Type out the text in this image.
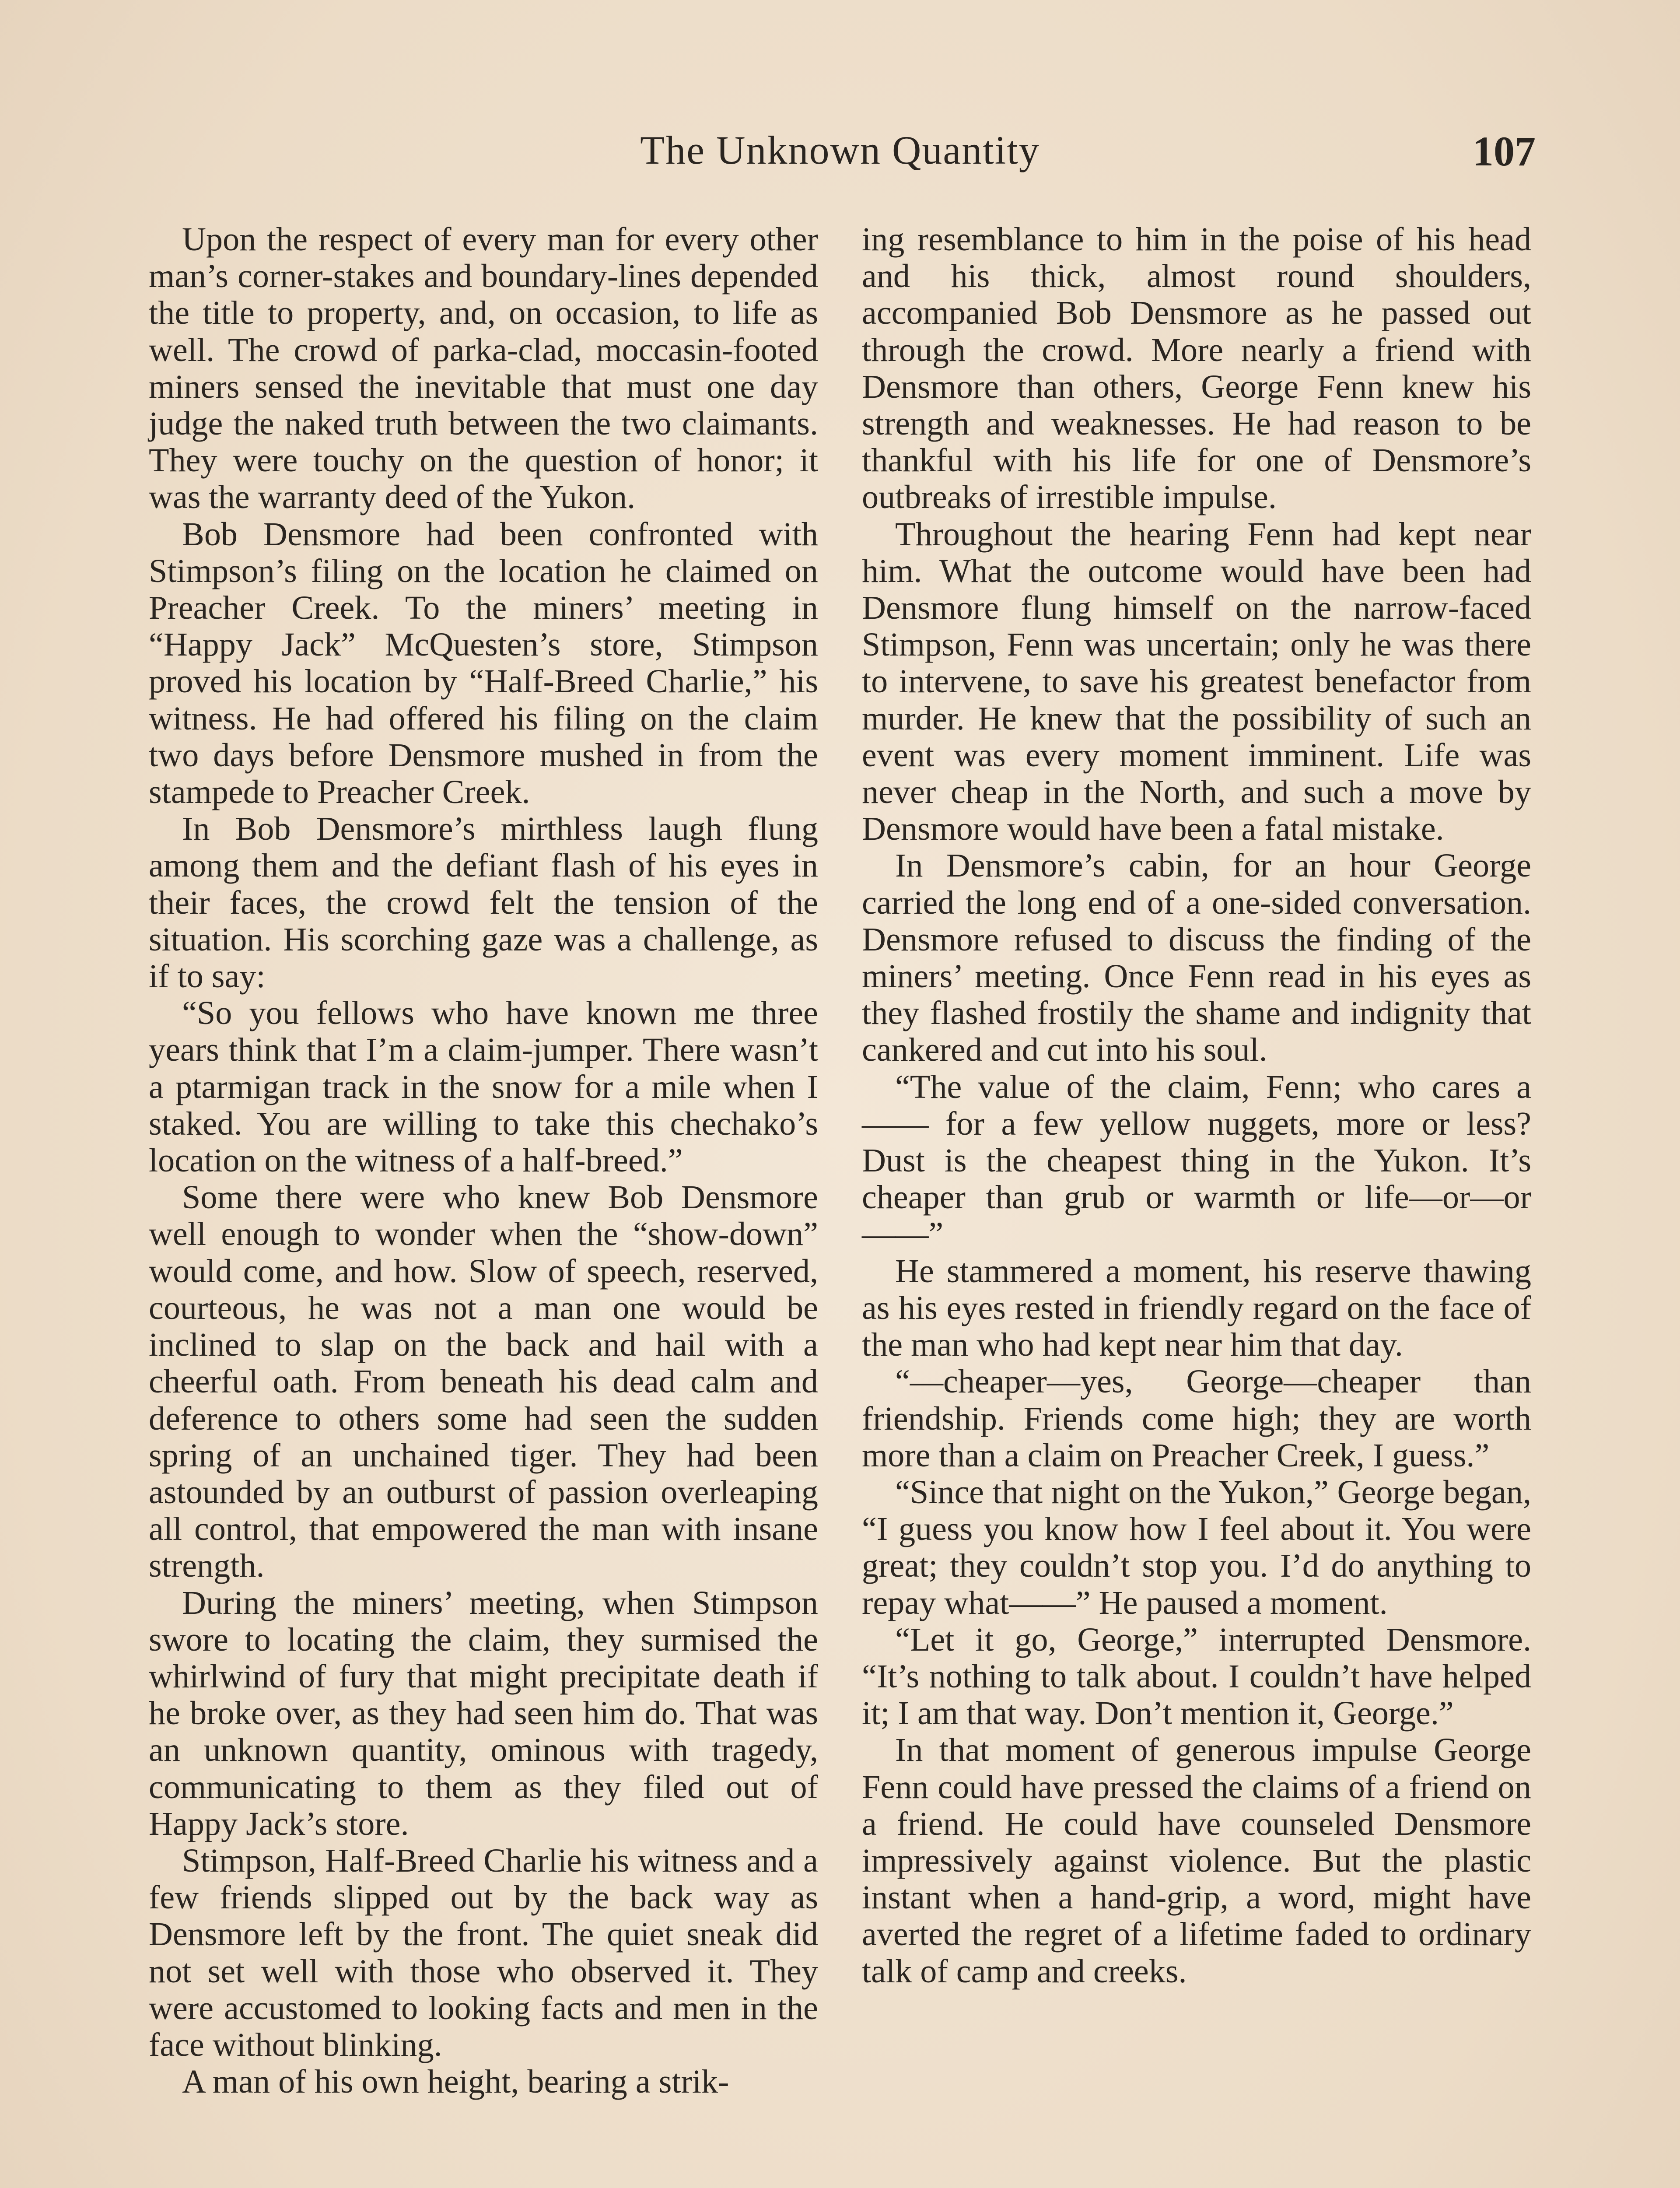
The Unknown Quantity	107

Upon the respect of every man for every other man’s corner-stakes and boundary-lines depended the title to property, and, on occasion, to life as well. The crowd of parka-clad, moccasin-footed miners sensed the inevitable that must one day judge the naked truth between the two claimants. They were touchy on the question of honor; it was the warranty deed of the Yukon.

Bob Densmore had been confronted with Stimpson’s filing on the location he claimed on Preacher Creek. To the miners’ meeting in “Happy Jack” McQuesten’s store, Stimpson proved his location by “Half-Breed Charlie,” his witness. He had offered his filing on the claim two days before Densmore mushed in from the stampede to Preacher Creek.

In Bob Densmore’s mirthless laugh flung among them and the defiant flash of his eyes in their faces, the crowd felt the tension of the situation. His scorching gaze was a challenge, as if to say:

“So you fellows who have known me three years think that I’m a claim-jumper. There wasn’t a ptarmigan track in the snow for a mile when I staked. You are willing to take this chechako’s location on the witness of a half-breed.”

Some there were who knew Bob Densmore well enough to wonder when the “show-down” would come, and how. Slow of speech, reserved, courteous, he was not a man one would be inclined to slap on the back and hail with a cheerful oath. From beneath his dead calm and deference to others some had seen the sudden spring of an unchained tiger. They had been astounded by an outburst of passion overleaping all control, that empowered the man with insane strength.

During the miners’ meeting, when Stimpson swore to locating the claim, they surmised the whirlwind of fury that might precipitate death if he broke over, as they had seen him do. That was an unknown quantity, ominous with tragedy, communicating to them as they filed out of Happy Jack’s store.

Stimpson, Half-Breed Charlie his witness and a few friends slipped out by the back way as Densmore left by the front. The quiet sneak did not set well with those who observed it. They were accustomed to looking facts and men in the face without blinking.

A man of his own height, bearing a strik-

ing resemblance to him in the poise of his head and his thick, almost round shoulders, accompanied Bob Densmore as he passed out through the crowd. More nearly a friend with Densmore than others, George Fenn knew his strength and weaknesses. He had reason to be thankful with his life for one of Densmore’s outbreaks of irrestible impulse.

Throughout the hearing Fenn had kept near him. What the outcome would have been had Densmore flung himself on the narrow-faced Stimpson, Fenn was uncertain; only he was there to intervene, to save his greatest benefactor from murder. He knew that the possibility of such an event was every moment imminent. Life was never cheap in the North, and such a move by Densmore would have been a fatal mistake.

In Densmore’s cabin, for an hour George carried the long end of a one-sided conversation. Densmore refused to discuss the finding of the miners’ meeting. Once Fenn read in his eyes as they flashed frostily the shame and indignity that cankered and cut into his soul.

“The value of the claim, Fenn; who cares a —— for a few yellow nuggets, more or less? Dust is the cheapest thing in the Yukon. It’s cheaper than grub or warmth or life—or—or——”

He stammered a moment, his reserve thawing as his eyes rested in friendly regard on the face of the man who had kept near him that day.

“—cheaper—yes, George—cheaper than friendship. Friends come high; they are worth more than a claim on Preacher Creek, I guess.”

“Since that night on the Yukon,” George began, “I guess you know how I feel about it. You were great; they couldn’t stop you. I’d do anything to repay what——” He paused a moment.

“Let it go, George,” interrupted Densmore. “It’s nothing to talk about. I couldn’t have helped it; I am that way. Don’t mention it, George.”

In that moment of generous impulse George Fenn could have pressed the claims of a friend on a friend. He could have counseled Densmore impressively against violence. But the plastic instant when a hand-grip, a word, might have averted the regret of a lifetime faded to ordinary talk of camp and creeks.
